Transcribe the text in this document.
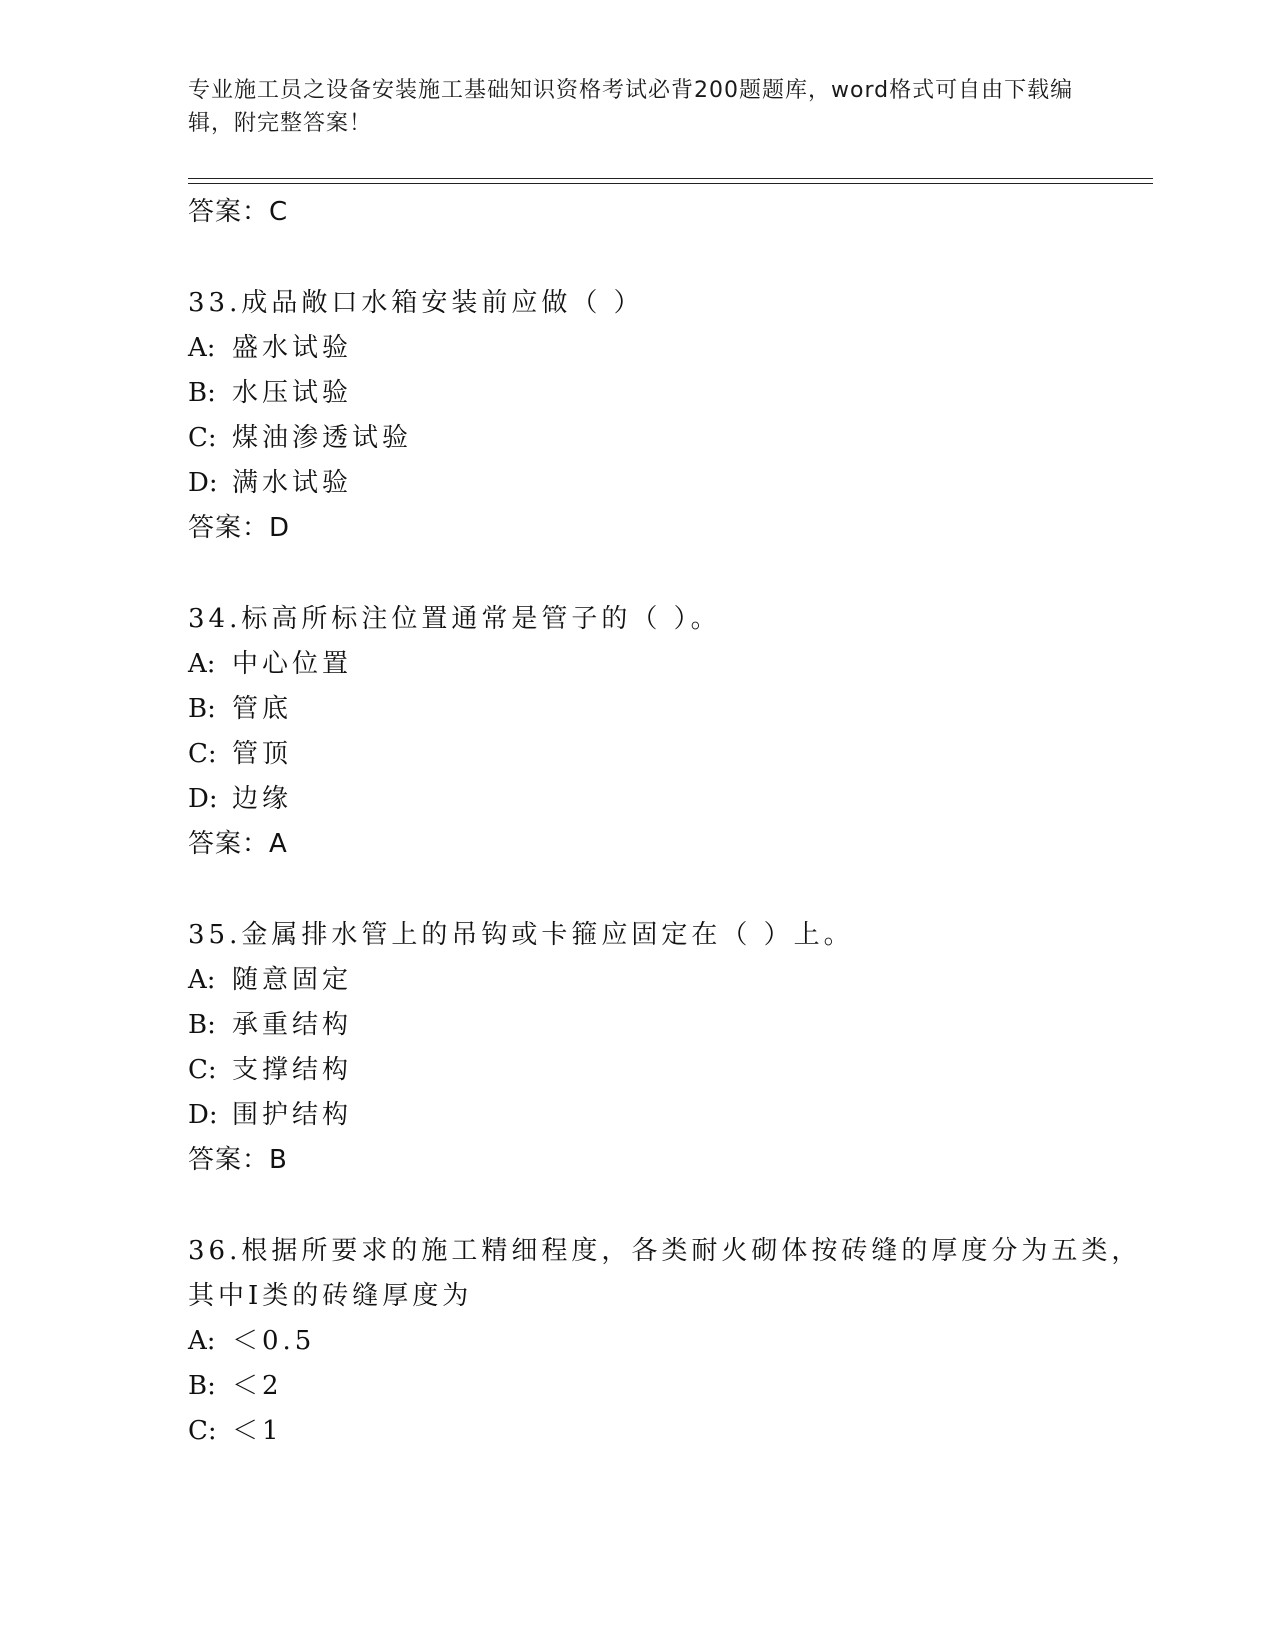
专业施工员之设备安装施工基础知识资格考试必背200题题库，word格式可自由下载编辑，附完整答案！
答案：C
33.成品敞口水箱安装前应做（ ）
A: 盛水试验
B: 水压试验
C: 煤油渗透试验
D: 满水试验
答案：D
34.标高所标注位置通常是管子的（ ）。
A: 中心位置
B: 管底
C: 管顶
D: 边缘
答案：A
35.金属排水管上的吊钩或卡箍应固定在（ ）上。
A: 随意固定
B: 承重结构
C: 支撑结构
D: 围护结构
答案：B
36.根据所要求的施工精细程度，各类耐火砌体按砖缝的厚度分为五类，其中Ⅰ类的砖缝厚度为
A: ＜0.5
B: ＜2
C: ＜1
